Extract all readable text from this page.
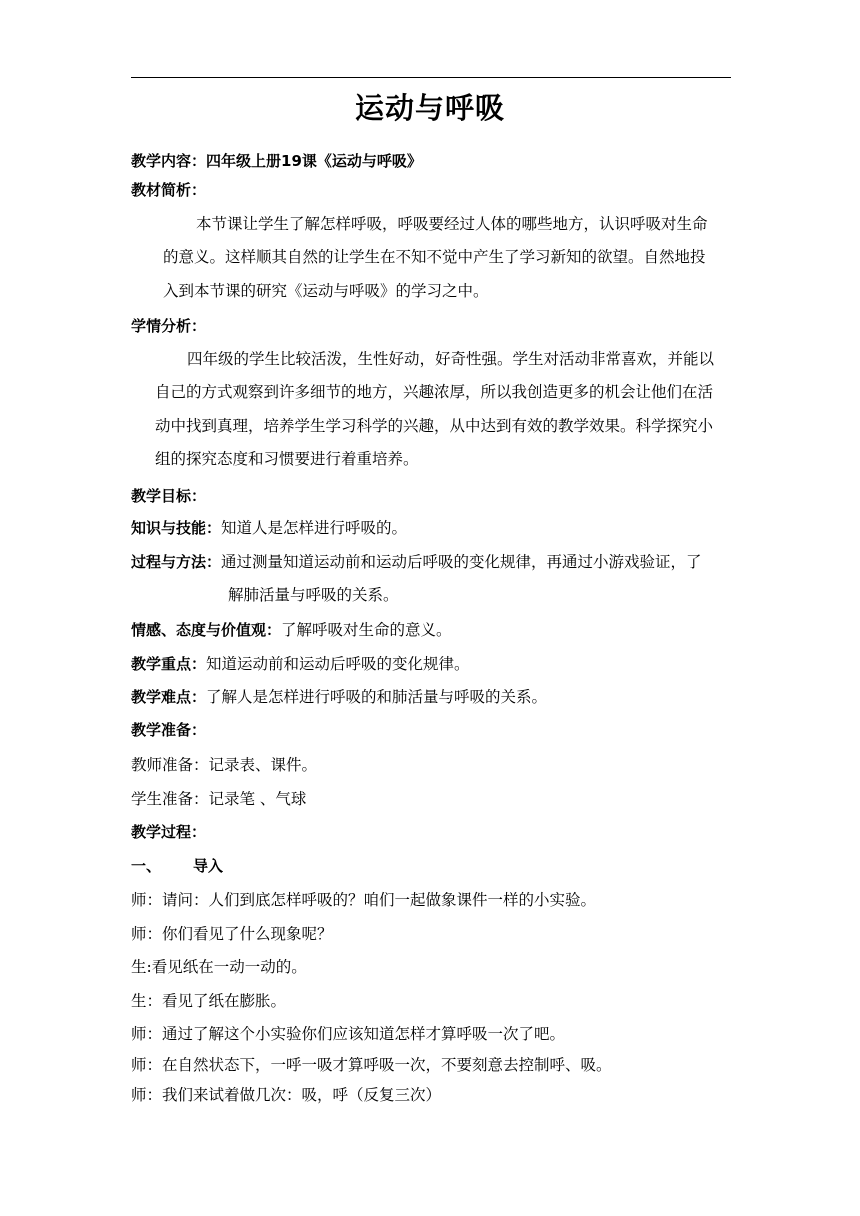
运动与呼吸
教学内容：四年级上册19课《运动与呼吸》
教材简析：
本节课让学生了解怎样呼吸，呼吸要经过人体的哪些地方，认识呼吸对生命
的意义。这样顺其自然的让学生在不知不觉中产生了学习新知的欲望。自然地投
入到本节课的研究《运动与呼吸》的学习之中。
学情分析：
四年级的学生比较活泼，生性好动，好奇性强。学生对活动非常喜欢，并能以
自己的方式观察到许多细节的地方，兴趣浓厚，所以我创造更多的机会让他们在活
动中找到真理，培养学生学习科学的兴趣，从中达到有效的教学效果。科学探究小
组的探究态度和习惯要进行着重培养。
教学目标：
知识与技能：知道人是怎样进行呼吸的。
过程与方法：通过测量知道运动前和运动后呼吸的变化规律，再通过小游戏验证，了
解肺活量与呼吸的关系。
情感、态度与价值观：了解呼吸对生命的意义。
教学重点：知道运动前和运动后呼吸的变化规律。
教学难点：了解人是怎样进行呼吸的和肺活量与呼吸的关系。
教学准备：
教师准备：记录表、课件。
学生准备：记录笔 、气球
教学过程：
一、 导入
师：请问：人们到底怎样呼吸的？咱们一起做象课件一样的小实验。
师：你们看见了什么现象呢？
生:看见纸在一动一动的。
生：看见了纸在膨胀。
师：通过了解这个小实验你们应该知道怎样才算呼吸一次了吧。
师：在自然状态下，一呼一吸才算呼吸一次，不要刻意去控制呼、吸。
师：我们来试着做几次：吸，呼（反复三次）
